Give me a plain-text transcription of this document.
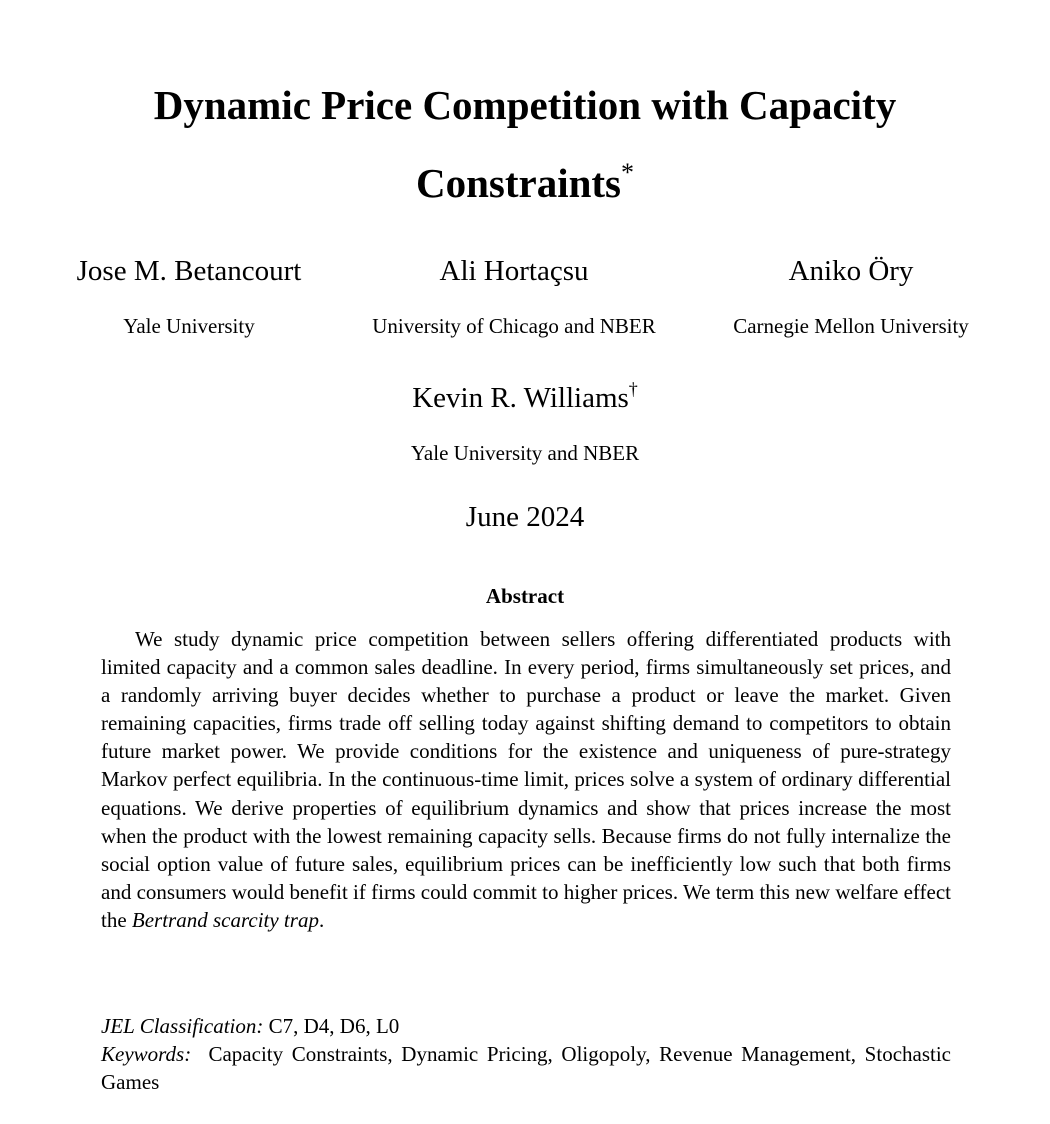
Dynamic Price Competition with Capacity Constraints*
Jose M. Betancourt
Yale University
Ali Hortaçsu
University of Chicago and NBER
Aniko Öry
Carnegie Mellon University
Kevin R. Williams†
Yale University and NBER
June 2024
Abstract

We study dynamic price competition between sellers offering differentiated products with limited capacity and a common sales deadline. In every period, firms simultaneously set prices, and a randomly arriving buyer decides whether to purchase a product or leave the market. Given remaining capacities, firms trade off selling today against shifting demand to competitors to obtain future market power. We provide conditions for the existence and uniqueness of pure-strategy Markov perfect equilibria. In the continuous-time limit, prices solve a system of ordinary differential equations. We derive properties of equilibrium dynamics and show that prices increase the most when the product with the lowest remaining capacity sells. Because firms do not fully internalize the social option value of future sales, equilibrium prices can be inefficiently low such that both firms and consumers would benefit if firms could commit to higher prices. We term this new welfare effect the Bertrand scarcity trap.

JEL Classification: C7, D4, D6, L0

Keywords: Capacity Constraints, Dynamic Pricing, Oligopoly, Revenue Management, Stochastic Games
